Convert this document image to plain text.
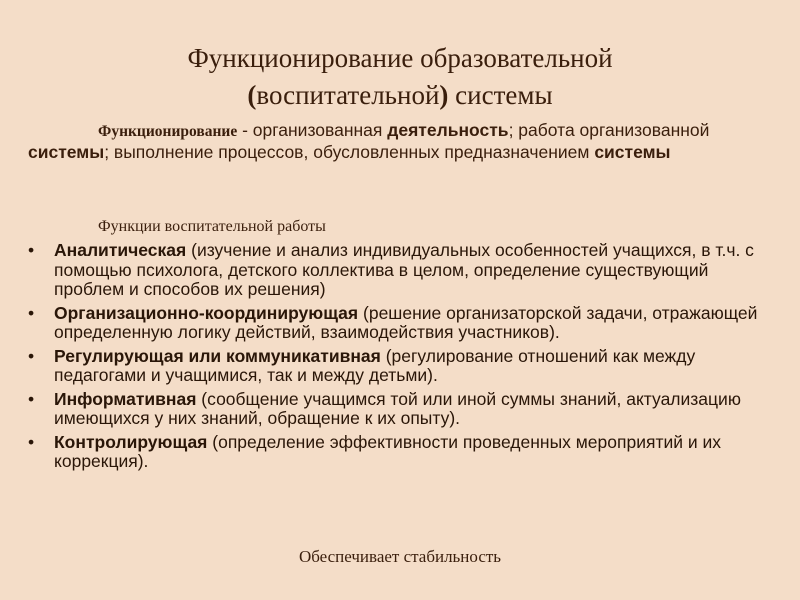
Функционирование образовательной
(воспитательной) системы
Функционирование - организованная деятельность; работа организованной системы; выполнение процессов, обусловленных предназначением системы
Функции воспитательной работы
• Аналитическая (изучение и анализ индивидуальных особенностей учащихся, в т.ч. с помощью психолога, детского коллектива в целом, определение существующий проблем и способов их решения)
• Организационно-координирующая (решение организаторской задачи, отражающей определенную логику действий, взаимодействия участников).
• Регулирующая или коммуникативная (регулирование отношений как между педагогами и учащимися, так и между детьми).
• Информативная (сообщение учащимся той или иной суммы знаний, актуализацию имеющихся у них знаний, обращение к их опыту).
• Контролирующая (определение эффективности проведенных мероприятий и их коррекция).
Обеспечивает стабильность
